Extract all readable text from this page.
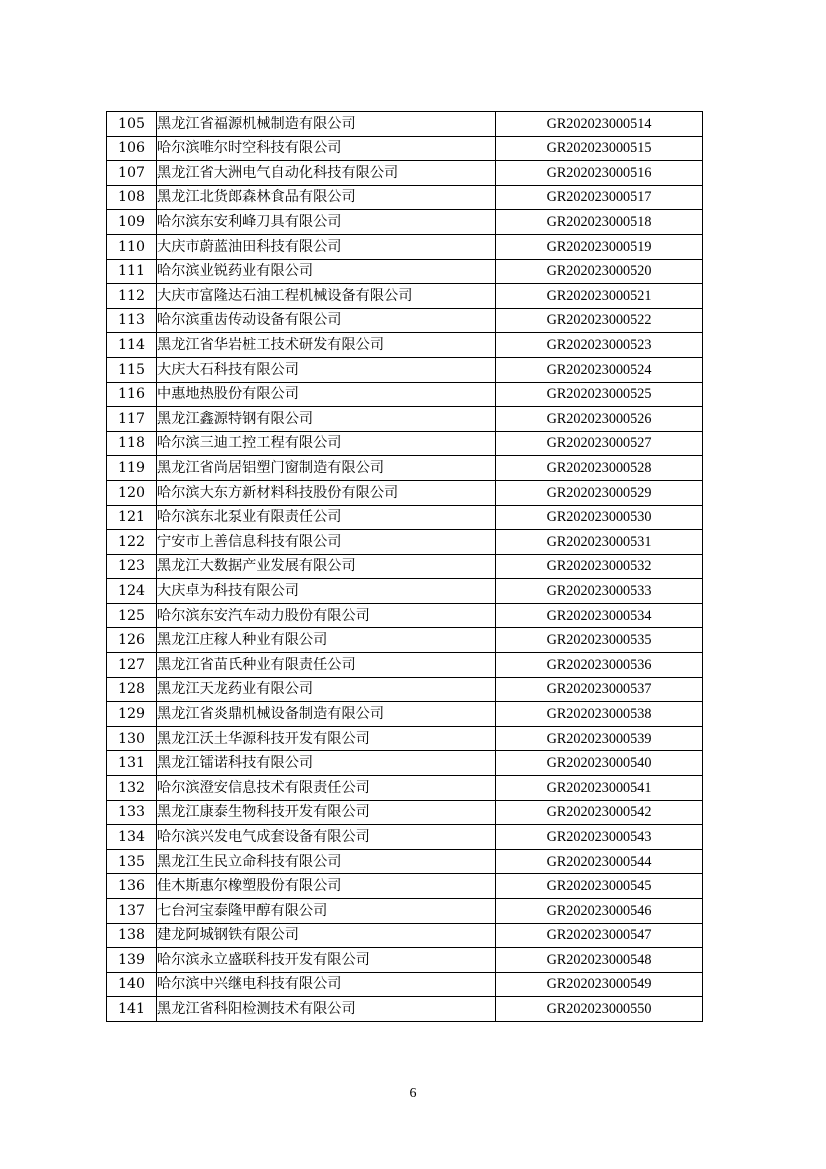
105	黑龙江省福源机械制造有限公司	GR202023000514
106	哈尔滨唯尔时空科技有限公司	GR202023000515
107	黑龙江省大洲电气自动化科技有限公司	GR202023000516
108	黑龙江北货郎森林食品有限公司	GR202023000517
109	哈尔滨东安利峰刀具有限公司	GR202023000518
110	大庆市蔚蓝油田科技有限公司	GR202023000519
111	哈尔滨业锐药业有限公司	GR202023000520
112	大庆市富隆达石油工程机械设备有限公司	GR202023000521
113	哈尔滨重齿传动设备有限公司	GR202023000522
114	黑龙江省华岩桩工技术研发有限公司	GR202023000523
115	大庆大石科技有限公司	GR202023000524
116	中惠地热股份有限公司	GR202023000525
117	黑龙江鑫源特钢有限公司	GR202023000526
118	哈尔滨三迪工控工程有限公司	GR202023000527
119	黑龙江省尚居铝塑门窗制造有限公司	GR202023000528
120	哈尔滨大东方新材料科技股份有限公司	GR202023000529
121	哈尔滨东北泵业有限责任公司	GR202023000530
122	宁安市上善信息科技有限公司	GR202023000531
123	黑龙江大数据产业发展有限公司	GR202023000532
124	大庆卓为科技有限公司	GR202023000533
125	哈尔滨东安汽车动力股份有限公司	GR202023000534
126	黑龙江庄稼人种业有限公司	GR202023000535
127	黑龙江省苗氏种业有限责任公司	GR202023000536
128	黑龙江天龙药业有限公司	GR202023000537
129	黑龙江省炎鼎机械设备制造有限公司	GR202023000538
130	黑龙江沃土华源科技开发有限公司	GR202023000539
131	黑龙江镭诺科技有限公司	GR202023000540
132	哈尔滨澄安信息技术有限责任公司	GR202023000541
133	黑龙江康泰生物科技开发有限公司	GR202023000542
134	哈尔滨兴发电气成套设备有限公司	GR202023000543
135	黑龙江生民立命科技有限公司	GR202023000544
136	佳木斯惠尔橡塑股份有限公司	GR202023000545
137	七台河宝泰隆甲醇有限公司	GR202023000546
138	建龙阿城钢铁有限公司	GR202023000547
139	哈尔滨永立盛联科技开发有限公司	GR202023000548
140	哈尔滨中兴继电科技有限公司	GR202023000549
141	黑龙江省科阳检测技术有限公司	GR202023000550
6
